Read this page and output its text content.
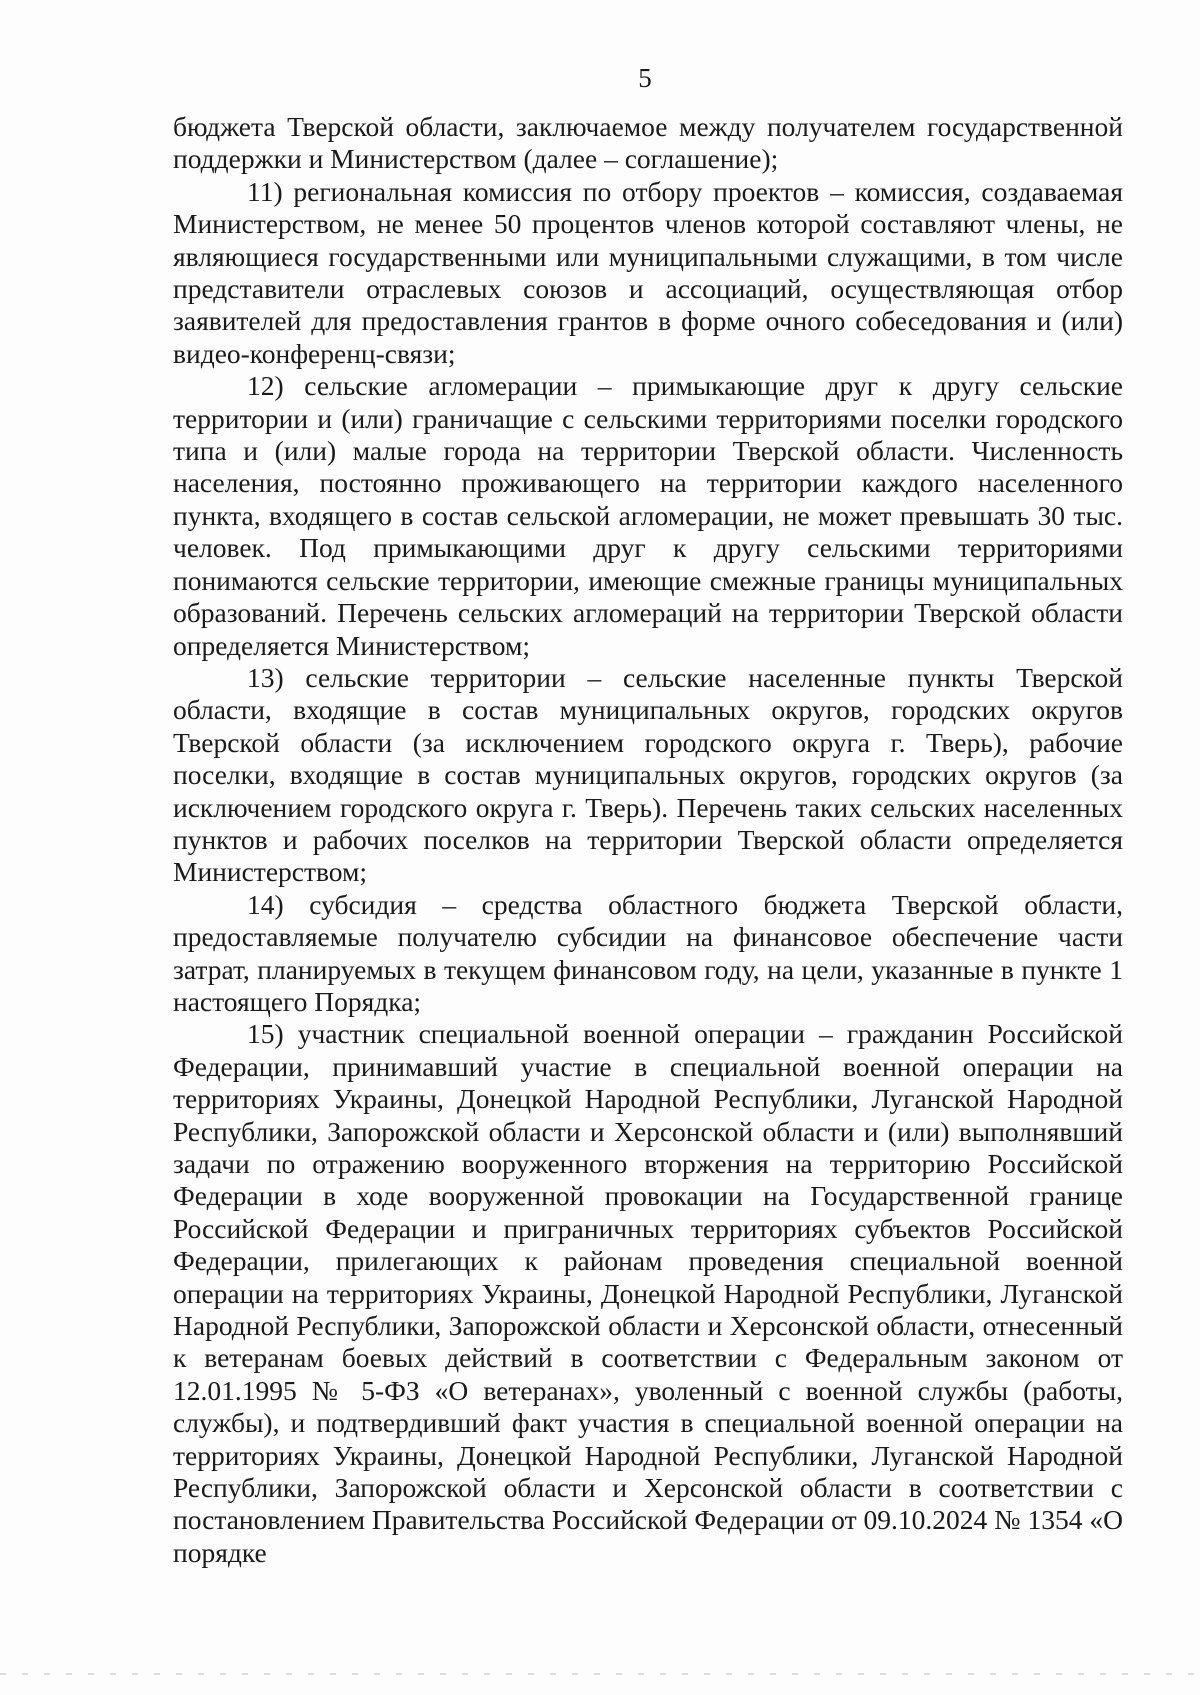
5

бюджета Тверской области, заключаемое между получателем государственной поддержки и Министерством (далее – соглашение);

11) региональная комиссия по отбору проектов – комиссия, создаваемая Министерством, не менее 50 процентов членов которой составляют члены, не являющиеся государственными или муниципальными служащими, в том числе представители отраслевых союзов и ассоциаций, осуществляющая отбор заявителей для предоставления грантов в форме очного собеседования и (или) видео-конференц-связи;

12) сельские агломерации – примыкающие друг к другу сельские территории и (или) граничащие с сельскими территориями поселки городского типа и (или) малые города на территории Тверской области. Численность населения, постоянно проживающего на территории каждого населенного пункта, входящего в состав сельской агломерации, не может превышать 30 тыс. человек. Под примыкающими друг к другу сельскими территориями понимаются сельские территории, имеющие смежные границы муниципальных образований. Перечень сельских агломераций на территории Тверской области определяется Министерством;

13) сельские территории – сельские населенные пункты Тверской области, входящие в состав муниципальных округов, городских округов Тверской области (за исключением городского округа г. Тверь), рабочие поселки, входящие в состав муниципальных округов, городских округов (за исключением городского округа г. Тверь). Перечень таких сельских населенных пунктов и рабочих поселков на территории Тверской области определяется Министерством;

14) субсидия – средства областного бюджета Тверской области, предоставляемые получателю субсидии на финансовое обеспечение части затрат, планируемых в текущем финансовом году, на цели, указанные в пункте 1 настоящего Порядка;

15) участник специальной военной операции – гражданин Российской Федерации, принимавший участие в специальной военной операции на территориях Украины, Донецкой Народной Республики, Луганской Народной Республики, Запорожской области и Херсонской области и (или) выполнявший задачи по отражению вооруженного вторжения на территорию Российской Федерации в ходе вооруженной провокации на Государственной границе Российской Федерации и приграничных территориях субъектов Российской Федерации, прилегающих к районам проведения специальной военной операции на территориях Украины, Донецкой Народной Республики, Луганской Народной Республики, Запорожской области и Херсонской области, отнесенный к ветеранам боевых действий в соответствии с Федеральным законом от 12.01.1995 № 5-ФЗ «О ветеранах», уволенный с военной службы (работы, службы), и подтвердивший факт участия в специальной военной операции на территориях Украины, Донецкой Народной Республики, Луганской Народной Республики, Запорожской области и Херсонской области в соответствии с постановлением Правительства Российской Федерации от 09.10.2024 № 1354 «О порядке
